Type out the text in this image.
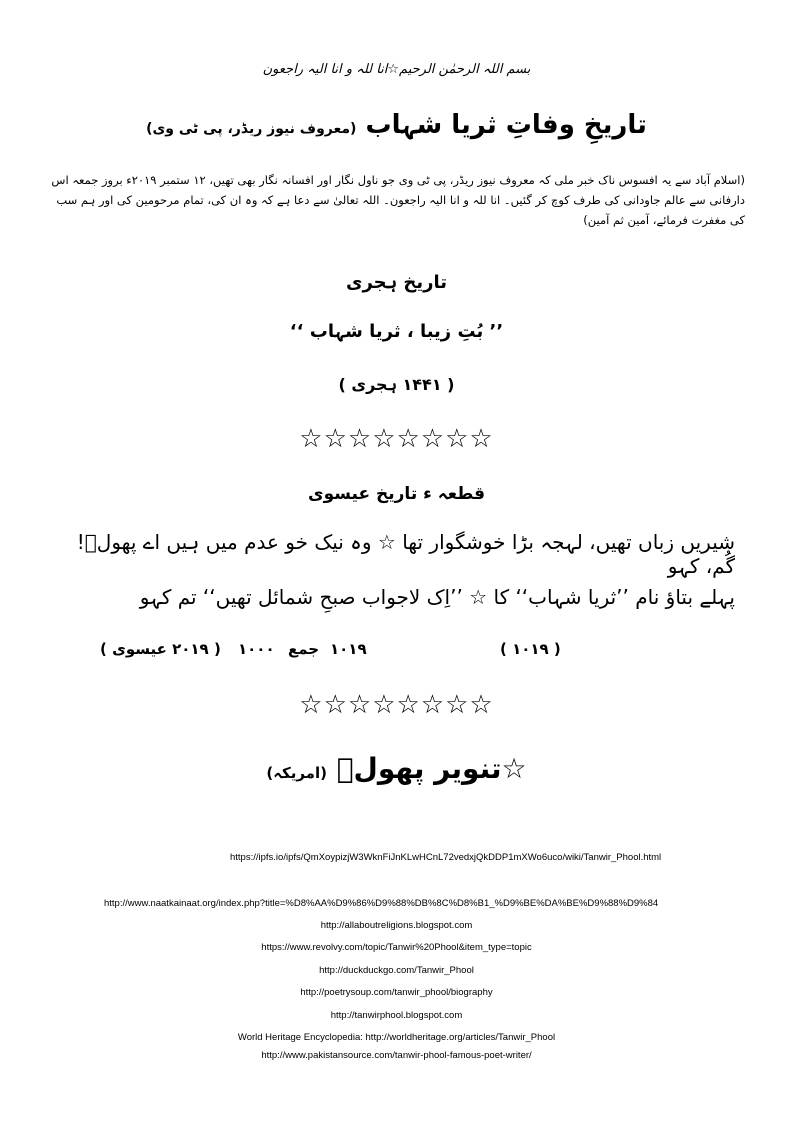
بسم اللہ الرحمٰن الرحیم☆انا للہ و انا الیہ راجعون
تاریخِ وفاتِ ثریا شہاب (معروف نیوز ریڈر، پی ٹی وی)
(اسلام آباد سے یہ افسوس ناک خبر ملی کہ معروف نیوز ریڈر، پی ٹی وی جو ناول نگار اور افسانہ نگار بھی تھیں، ۱۲ ستمبر ۲۰۱۹ء بروز جمعہ اس دارفانی سے عالم جاودانی کی طرف کوچ کر گئیں۔ انا للہ و انا الیہ راجعون۔ اللہ تعالیٰ سے دعا ہے کہ وہ ان کی، تمام مرحومین کی اور ہم سب کی مغفرت فرمائے، آمین ثم آمین)
تاریخ ہجری
’’ بُتِ زیبا ، ثریا شہاب ‘‘
( ۱۴۴۱ ہجری )
☆☆☆☆☆☆☆☆
قطعہ ء تاریخ عیسوی
شیریں زباں تھیں، لہجہ بڑا خوشگوار تھا ☆ وہ نیک خو عدم میں ہیں اے پھولؔ! گُم، کہو
پہلے بتاؤ نام ’’ثریا شہاب‘‘ کا ☆ ’’اِک لاجواب صبحِ شمائل تھیں‘‘ تم کہو
( ۲۰۱۹ عیسوی ) ۱۰۰۰ جمع ۱۰۱۹	( ۱۰۱۹ )
☆☆☆☆☆☆☆☆
☆تنویر پھولؔ (امریکہ)
https://ipfs.io/ipfs/QmXoypizjW3WknFiJnKLwHCnL72vedxjQkDDP1mXWo6uco/wiki/Tanwir_Phool.html
http://www.naatkainaat.org/index.php?title=%D8%AA%D9%86%D9%88%DB%8C%D8%B1_%D9%BE%DA%BE%D9%88%D9%84
http://allaboutreligions.blogspot.com
https://www.revolvy.com/topic/Tanwir%20Phool&item_type=topic
http://duckduckgo.com/Tanwir_Phool
http://poetrysoup.com/tanwir_phool/biography
http://tanwirphool.blogspot.com
World Heritage Encyclopedia: http://worldheritage.org/articles/Tanwir_Phool
http://www.pakistansource.com/tanwir-phool-famous-poet-writer/
